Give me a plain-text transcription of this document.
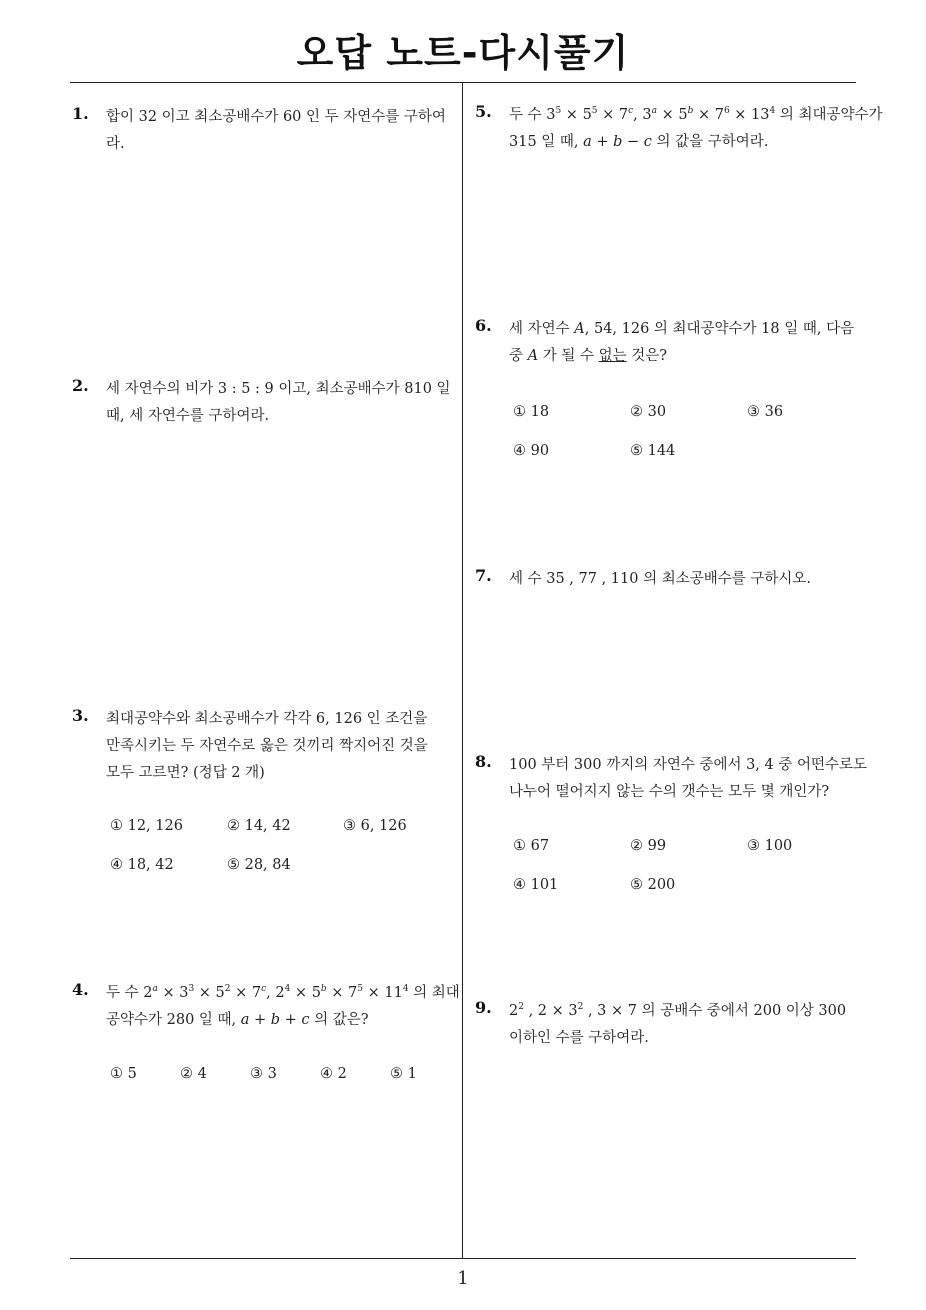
오답 노트-다시풀기
1
1. 합이 32 이고 최소공배수가 60 인 두 자연수를 구하여
라.
2. 세 자연수의 비가 3 : 5 : 9 이고, 최소공배수가 810 일
때, 세 자연수를 구하여라.
3. 최대공약수와 최소공배수가 각각 6, 126 인 조건을
만족시키는 두 자연수로 옳은 것끼리 짝지어진 것을
모두 고르면? (정답 2 개)
① 12, 126	② 14, 42	③ 6, 126
④ 18, 42	⑤ 28, 84
4. 두 수 $2^a \times 3^3 \times 5^2 \times 7^c$, $2^4 \times 5^b \times 7^5 \times 11^4$ 의 최대
공약수가 280 일 때, a + b + c 의 값은?
① 5	② 4	③ 3	④ 2	⑤ 1
5. 두 수 $3^5 \times 5^5 \times 7^c$, $3^a \times 5^b \times 7^6 \times 13^4$ 의 최대공약수가
315 일 때, a + b − c 의 값을 구하여라.
6. 세 자연수 A, 54, 126 의 최대공약수가 18 일 때, 다음
중 A 가 될 수 없는 것은?
① 18	② 30	③ 36
④ 90	⑤ 144
7. 세 수 35 , 77 , 110 의 최소공배수를 구하시오.
8. 100 부터 300 까지의 자연수 중에서 3, 4 중 어떤수로도
나누어 떨어지지 않는 수의 갯수는 모두 몇 개인가?
① 67	② 99	③ 100
④ 101	⑤ 200
9. $2^2$ , $2 \times 3^2$ , 3 × 7 의 공배수 중에서 200 이상 300
이하인 수를 구하여라.
